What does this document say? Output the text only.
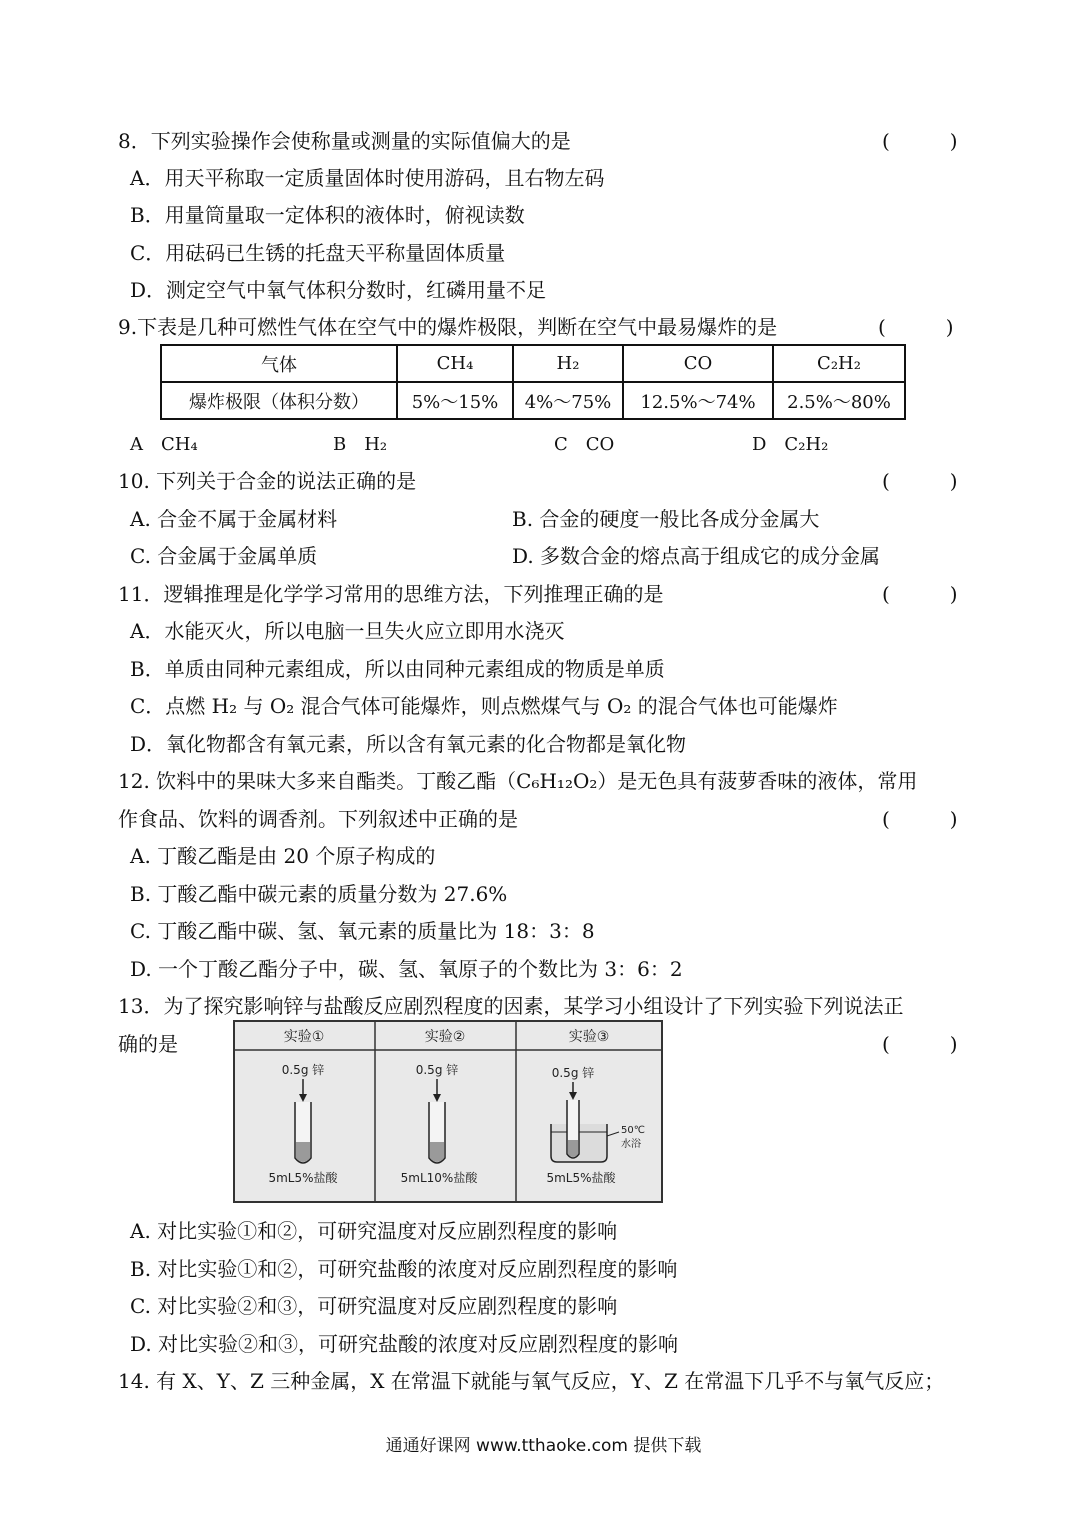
8．下列实验操作会使称量或测量的实际值偏大的是	(　　　)
A．用天平称取一定质量固体时使用游码，且右物左码
B．用量筒量取一定体积的液体时，俯视读数
C．用砝码已生锈的托盘天平称量固体质量
D．测定空气中氧气体积分数时，红磷用量不足
9.下表是几种可燃性气体在空气中的爆炸极限，判断在空气中最易爆炸的是	(　　　)
气体	CH₄	H₂	CO	C₂H₂
爆炸极限（体积分数）	5%～15%	4%～75%	12.5%～74%	2.5%～80%
A　CH₄	B　H₂	C　CO	D　C₂H₂
10. 下列关于合金的说法正确的是	(　　　)
A. 合金不属于金属材料	B. 合金的硬度一般比各成分金属大
C. 合金属于金属单质	D. 多数合金的熔点高于组成它的成分金属
11．逻辑推理是化学学习常用的思维方法，下列推理正确的是	(　　　)
A．水能灭火，所以电脑一旦失火应立即用水浇灭
B．单质由同种元素组成，所以由同种元素组成的物质是单质
C．点燃 H₂ 与 O₂ 混合气体可能爆炸，则点燃煤气与 O₂ 的混合气体也可能爆炸
D．氧化物都含有氧元素，所以含有氧元素的化合物都是氧化物
12. 饮料中的果味大多来自酯类。丁酸乙酯（C₆H₁₂O₂）是无色具有菠萝香味的液体，常用
作食品、饮料的调香剂。下列叙述中正确的是	(　　　)
A. 丁酸乙酯是由 20 个原子构成的
B. 丁酸乙酯中碳元素的质量分数为 27.6%
C. 丁酸乙酯中碳、氢、氧元素的质量比为 18：3：8
D. 一个丁酸乙酯分子中，碳、氢、氧原子的个数比为 3：6：2
13．为了探究影响锌与盐酸反应剧烈程度的因素，某学习小组设计了下列实验下列说法正
确的是	(　　　)
实验①	实验②	实验③
0.5g 锌
5mL5%盐酸
0.5g 锌
5mL10%盐酸
0.5g 锌
50℃
水浴
5mL5%盐酸
A. 对比实验①和②，可研究温度对反应剧烈程度的影响
B. 对比实验①和②，可研究盐酸的浓度对反应剧烈程度的影响
C. 对比实验②和③，可研究温度对反应剧烈程度的影响
D. 对比实验②和③，可研究盐酸的浓度对反应剧烈程度的影响
14. 有 X、Y、Z 三种金属，X 在常温下就能与氧气反应，Y、Z 在常温下几乎不与氧气反应；
通通好课网 www.tthaoke.com 提供下载
